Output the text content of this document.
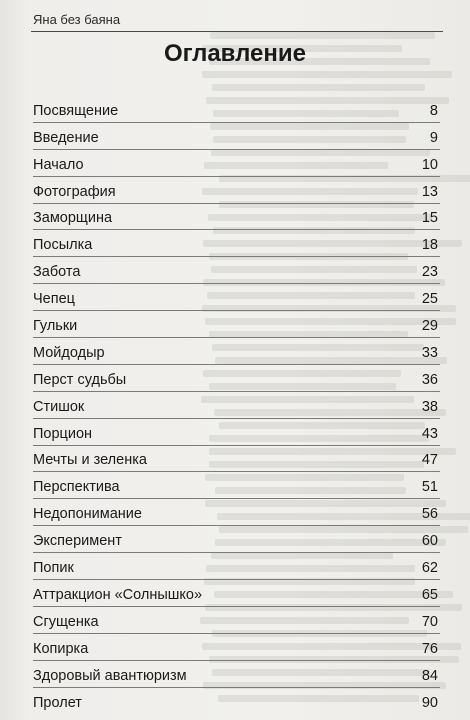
Яна без баяна
Оглавление
Посвящение	8
Введение	9
Начало	10
Фотография	13
Заморщина	15
Посылка	18
Забота	23
Чепец	25
Гульки	29
Мойдодыр	33
Перст судьбы	36
Стишок	38
Порцион	43
Мечты и зеленка	47
Перспектива	51
Недопонимание	56
Эксперимент	60
Попик	62
Аттракцион «Солнышко»	65
Сгущенка	70
Копирка	76
Здоровый авантюризм	84
Пролет	90
